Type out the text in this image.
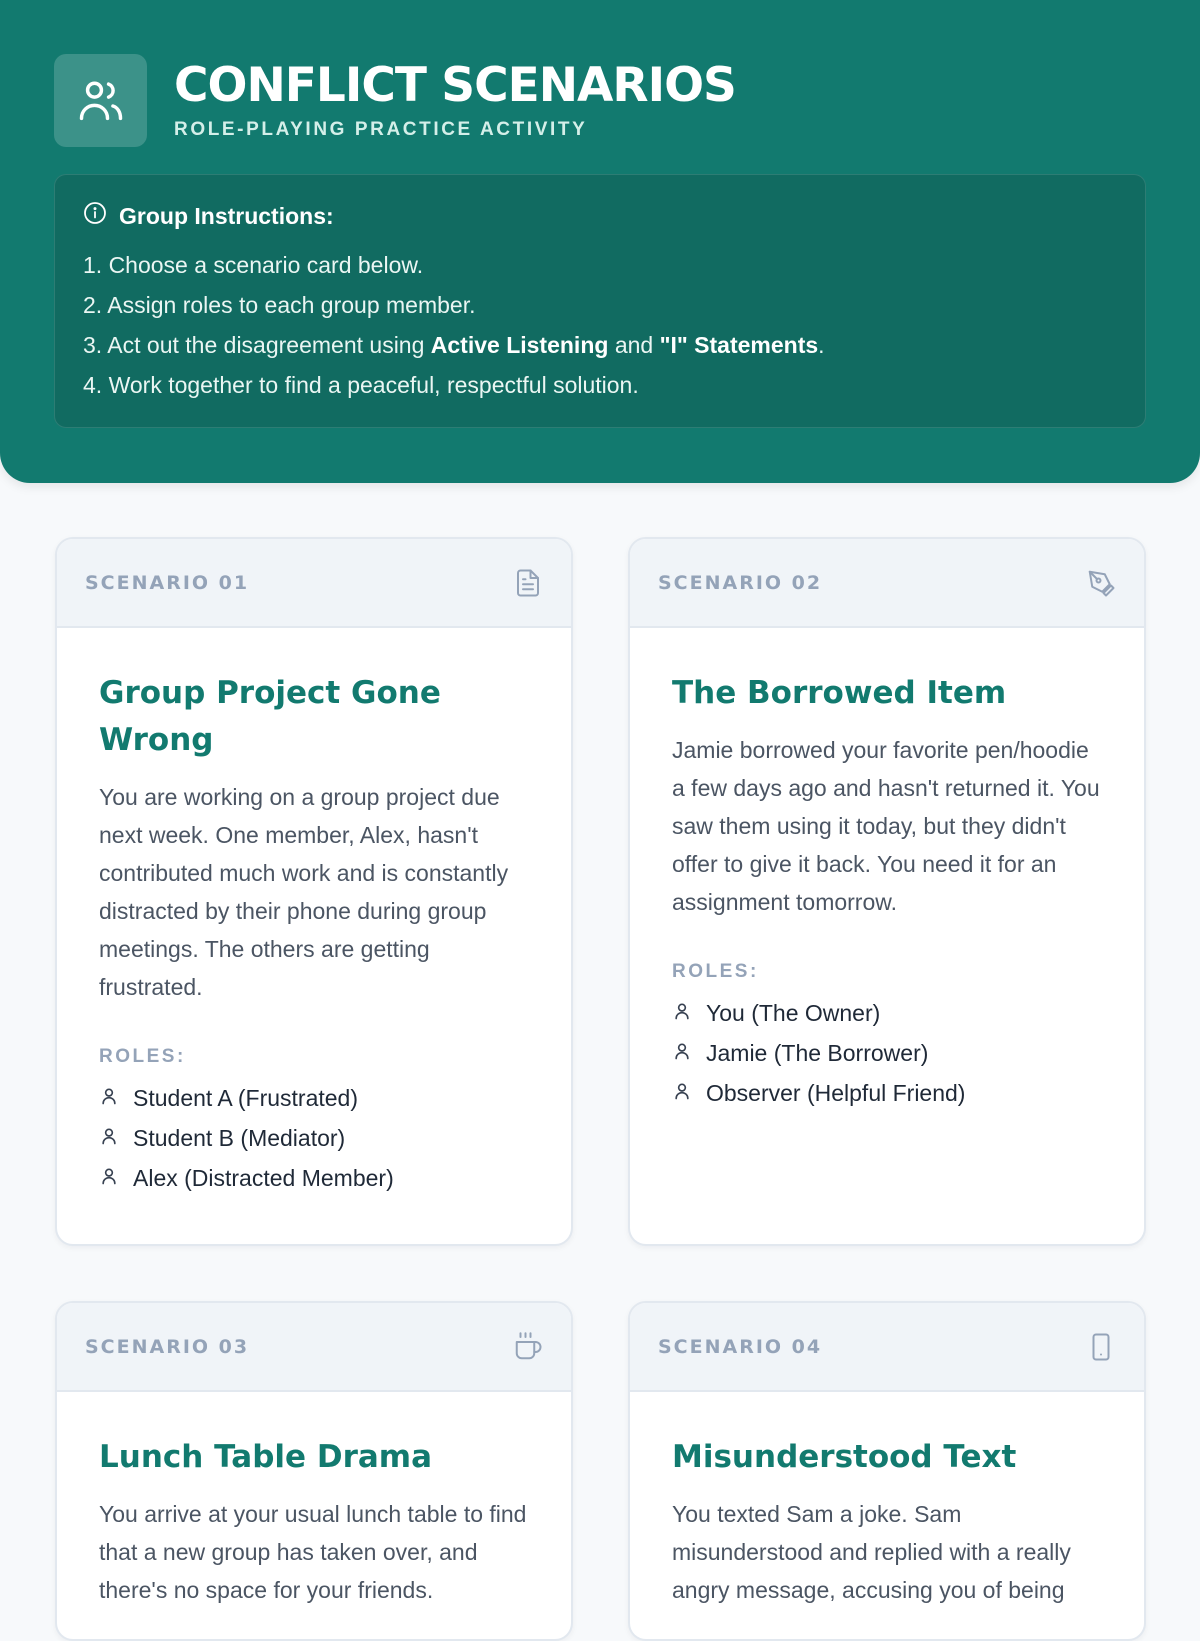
CONFLICT SCENARIOS
ROLE-PLAYING PRACTICE ACTIVITY
Group Instructions:
1. Choose a scenario card below.
2. Assign roles to each group member.
3. Act out the disagreement using Active Listening and "I" Statements.
4. Work together to find a peaceful, respectful solution.
SCENARIO 01
Group Project Gone Wrong

You are working on a group project due next week. One member, Alex, hasn't contributed much work and is constantly distracted by their phone during group meetings. The others are getting frustrated.

ROLES:
Student A (Frustrated)
Student B (Mediator)
Alex (Distracted Member)
SCENARIO 02
The Borrowed Item

Jamie borrowed your favorite pen/hoodie a few days ago and hasn't returned it. You saw them using it today, but they didn't offer to give it back. You need it for an assignment tomorrow.

ROLES:
You (The Owner)
Jamie (The Borrower)
Observer (Helpful Friend)
SCENARIO 03
Lunch Table Drama

You arrive at your usual lunch table to find that a new group has taken over, and there's no space for your friends.

SCENARIO 04
Misunderstood Text

You texted Sam a joke. Sam misunderstood and replied with a really angry message, accusing you of being
